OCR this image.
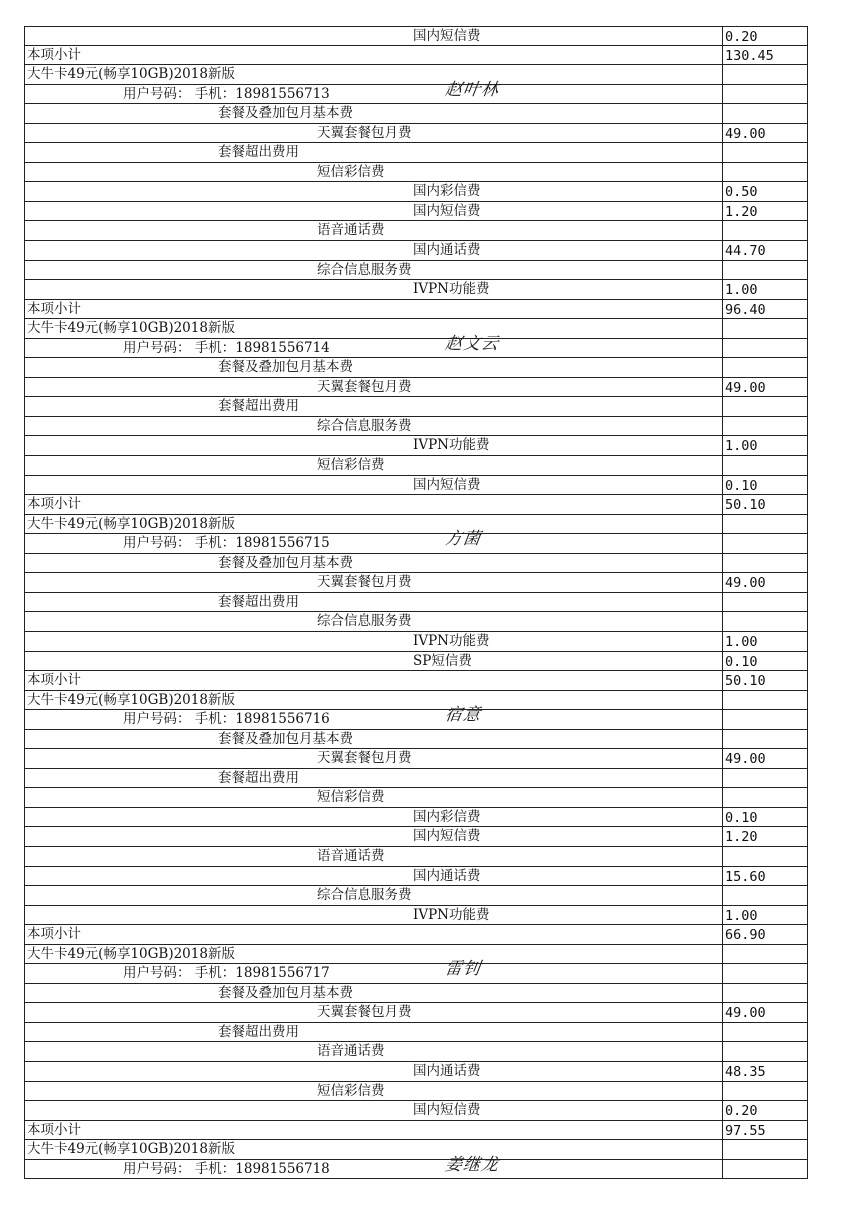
国内短信费	0.20
本项小计	130.45
大牛卡49元(畅享10GB)2018新版
用户号码： 手机：18981556713	赵叶林
套餐及叠加包月基本费
天翼套餐包月费	49.00
套餐超出费用
短信彩信费
国内彩信费	0.50
国内短信费	1.20
语音通话费
国内通话费	44.70
综合信息服务费
IVPN功能费	1.00
本项小计	96.40
大牛卡49元(畅享10GB)2018新版
用户号码： 手机：18981556714	赵文云
套餐及叠加包月基本费
天翼套餐包月费	49.00
套餐超出费用
综合信息服务费
IVPN功能费	1.00
短信彩信费
国内短信费	0.10
本项小计	50.10
大牛卡49元(畅享10GB)2018新版
用户号码： 手机：18981556715	方菌
套餐及叠加包月基本费
天翼套餐包月费	49.00
套餐超出费用
综合信息服务费
IVPN功能费	1.00
SP短信费	0.10
本项小计	50.10
大牛卡49元(畅享10GB)2018新版
用户号码： 手机：18981556716	宿意
套餐及叠加包月基本费
天翼套餐包月费	49.00
套餐超出费用
短信彩信费
国内彩信费	0.10
国内短信费	1.20
语音通话费
国内通话费	15.60
综合信息服务费
IVPN功能费	1.00
本项小计	66.90
大牛卡49元(畅享10GB)2018新版
用户号码： 手机：18981556717	雷钊
套餐及叠加包月基本费
天翼套餐包月费	49.00
套餐超出费用
语音通话费
国内通话费	48.35
短信彩信费
国内短信费	0.20
本项小计	97.55
大牛卡49元(畅享10GB)2018新版
用户号码： 手机：18981556718	姜继龙
